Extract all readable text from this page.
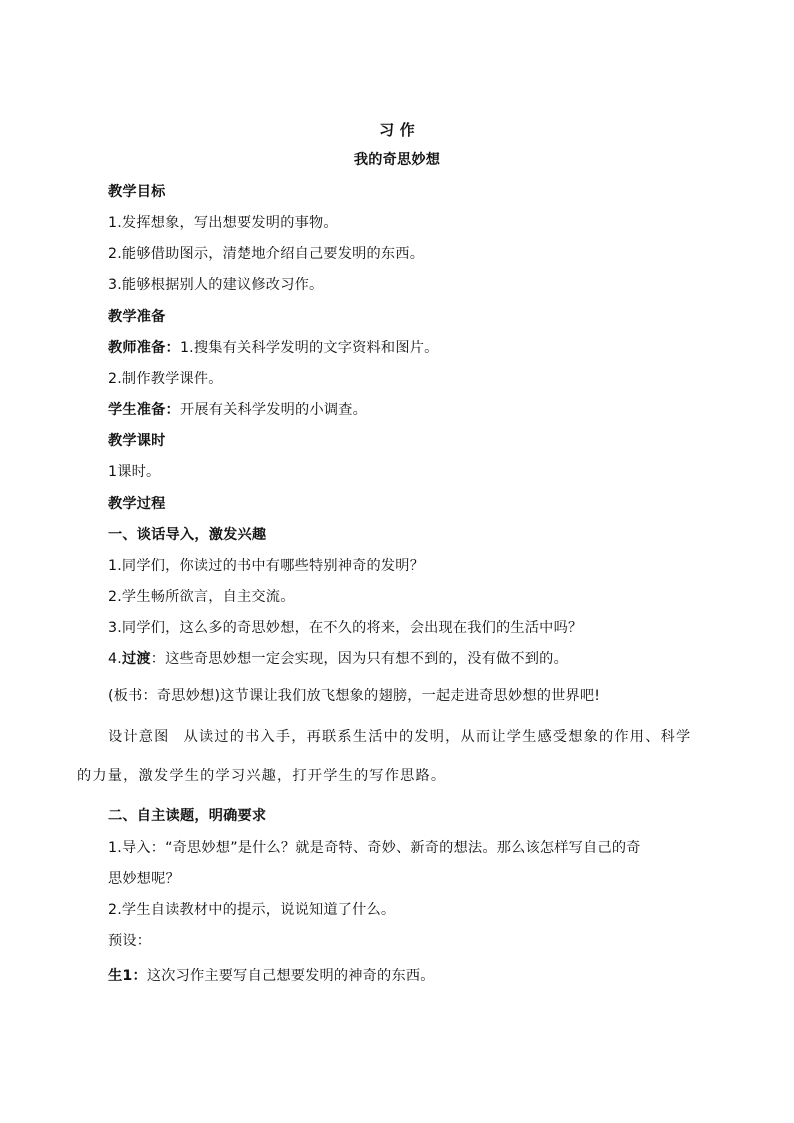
习 作
我的奇思妙想
教学目标
1.发挥想象，写出想要发明的事物。
2.能够借助图示，清楚地介绍自己要发明的东西。
3.能够根据别人的建议修改习作。
教学准备
教师准备：1.搜集有关科学发明的文字资料和图片。
2.制作教学课件。
学生准备：开展有关科学发明的小调查。
教学课时
1课时。
教学过程
一、谈话导入，激发兴趣
1.同学们，你读过的书中有哪些特别神奇的发明？
2.学生畅所欲言，自主交流。
3.同学们，这么多的奇思妙想，在不久的将来，会出现在我们的生活中吗？
4.过渡：这些奇思妙想一定会实现，因为只有想不到的，没有做不到的。
(板书：奇思妙想)这节课让我们放飞想象的翅膀，一起走进奇思妙想的世界吧!
设计意图 从读过的书入手，再联系生活中的发明，从而让学生感受想象的作用、科学
的力量，激发学生的学习兴趣，打开学生的写作思路。
二、自主读题，明确要求
1.导入：“奇思妙想”是什么？就是奇特、奇妙、新奇的想法。那么该怎样写自己的奇
思妙想呢？
2.学生自读教材中的提示，说说知道了什么。
预设：
生1：这次习作主要写自己想要发明的神奇的东西。
